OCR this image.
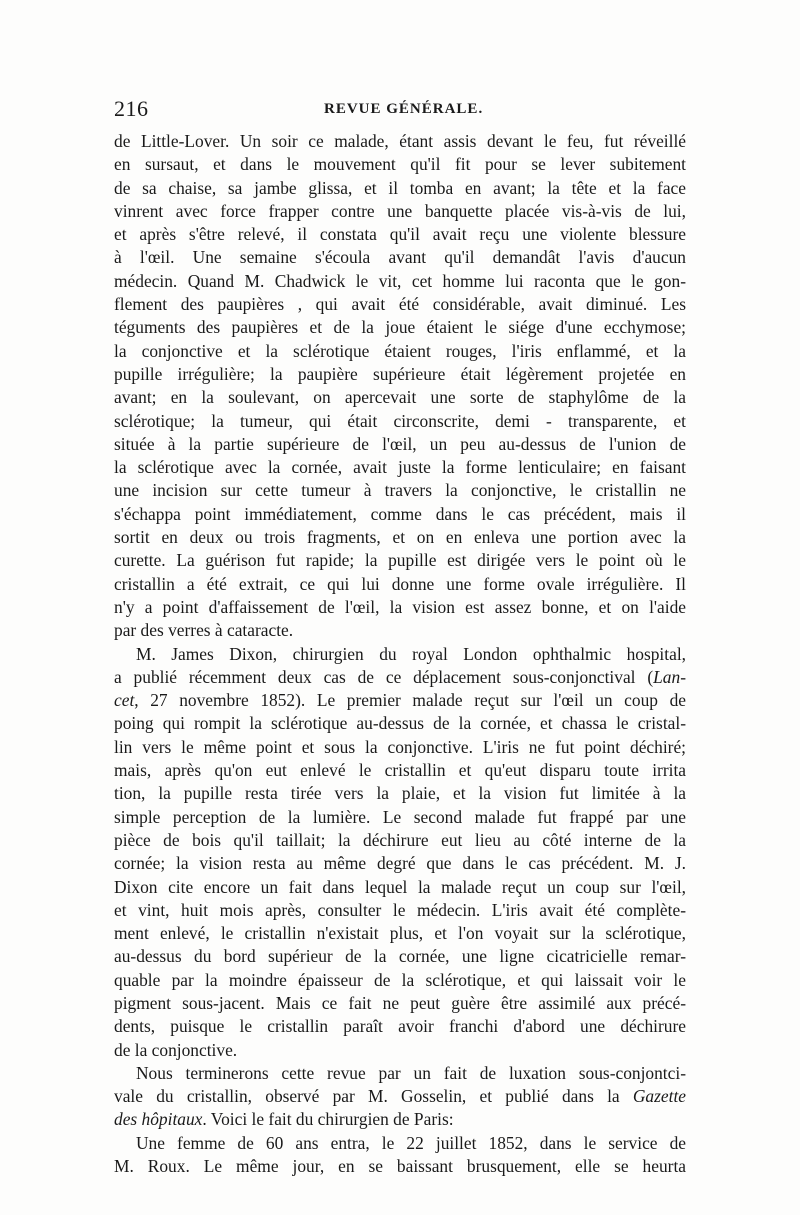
216	REVUE GÉNÉRALE.
de Little-Lover. Un soir ce malade, étant assis devant le feu, fut réveillé
en sursaut, et dans le mouvement qu'il fit pour se lever subitement
de sa chaise, sa jambe glissa, et il tomba en avant; la tête et la face
vinrent avec force frapper contre une banquette placée vis-à-vis de lui,
et après s'être relevé, il constata qu'il avait reçu une violente blessure
à l'œil. Une semaine s'écoula avant qu'il demandât l'avis d'aucun
médecin. Quand M. Chadwick le vit, cet homme lui raconta que le gon-
flement des paupières , qui avait été considérable, avait diminué. Les
téguments des paupières et de la joue étaient le siége d'une ecchymose;
la conjonctive et la sclérotique étaient rouges, l'iris enflammé, et la
pupille irrégulière; la paupière supérieure était légèrement projetée en
avant; en la soulevant, on apercevait une sorte de staphylôme de la
sclérotique; la tumeur, qui était circonscrite, demi - transparente, et
située à la partie supérieure de l'œil, un peu au-dessus de l'union de
la sclérotique avec la cornée, avait juste la forme lenticulaire; en faisant
une incision sur cette tumeur à travers la conjonctive, le cristallin ne
s'échappa point immédiatement, comme dans le cas précédent, mais il
sortit en deux ou trois fragments, et on en enleva une portion avec la
curette. La guérison fut rapide; la pupille est dirigée vers le point où le
cristallin a été extrait, ce qui lui donne une forme ovale irrégulière. Il
n'y a point d'affaissement de l'œil, la vision est assez bonne, et on l'aide
par des verres à cataracte.
M. James Dixon, chirurgien du royal London ophthalmic hospital,
a publié récemment deux cas de ce déplacement sous-conjonctival (Lan-
cet, 27 novembre 1852). Le premier malade reçut sur l'œil un coup de
poing qui rompit la sclérotique au-dessus de la cornée, et chassa le cristal-
lin vers le même point et sous la conjonctive. L'iris ne fut point déchiré;
mais, après qu'on eut enlevé le cristallin et qu'eut disparu toute irrita
tion, la pupille resta tirée vers la plaie, et la vision fut limitée à la
simple perception de la lumière. Le second malade fut frappé par une
pièce de bois qu'il taillait; la déchirure eut lieu au côté interne de la
cornée; la vision resta au même degré que dans le cas précédent. M. J.
Dixon cite encore un fait dans lequel la malade reçut un coup sur l'œil,
et vint, huit mois après, consulter le médecin. L'iris avait été complète-
ment enlevé, le cristallin n'existait plus, et l'on voyait sur la sclérotique,
au-dessus du bord supérieur de la cornée, une ligne cicatricielle remar-
quable par la moindre épaisseur de la sclérotique, et qui laissait voir le
pigment sous-jacent. Mais ce fait ne peut guère être assimilé aux précé-
dents, puisque le cristallin paraît avoir franchi d'abord une déchirure
de la conjonctive.
Nous terminerons cette revue par un fait de luxation sous-conjontci-
vale du cristallin, observé par M. Gosselin, et publié dans la Gazette
des hôpitaux. Voici le fait du chirurgien de Paris:
Une femme de 60 ans entra, le 22 juillet 1852, dans le service de
M. Roux. Le même jour, en se baissant brusquement, elle se heurta
